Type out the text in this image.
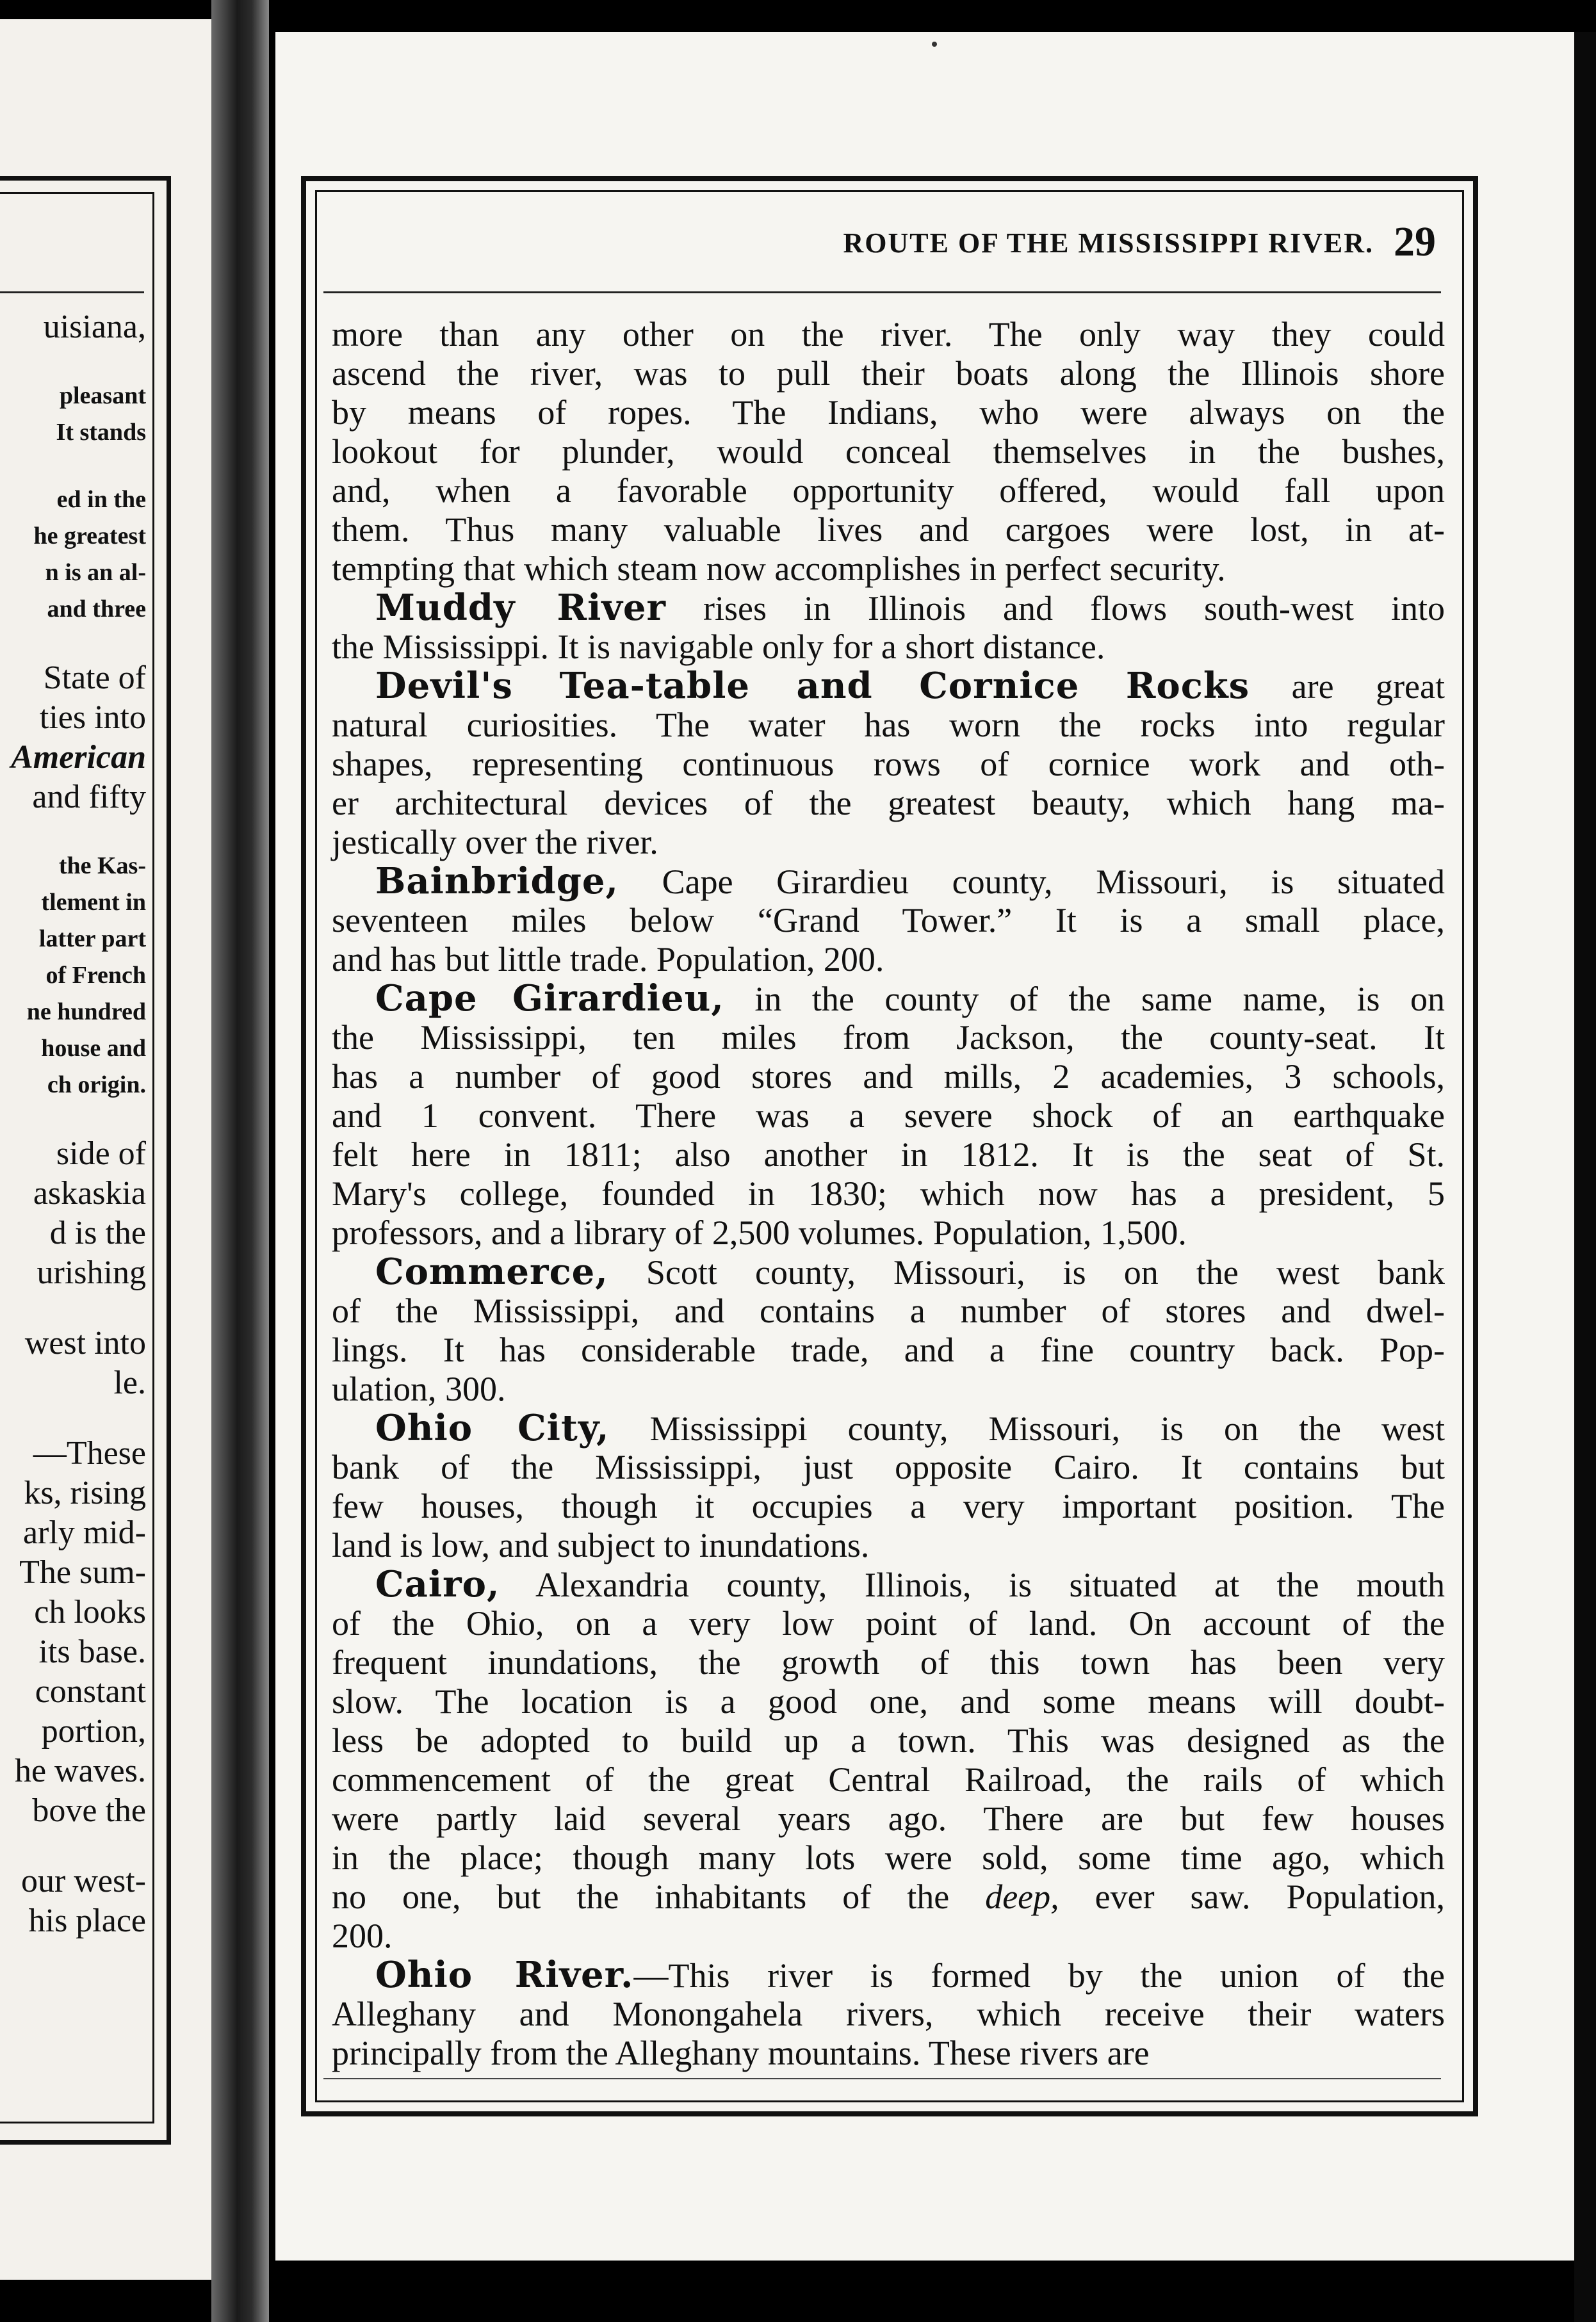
uisiana,
pleasant
It stands
ed in the
he greatest
n is an al-
and three
State of
ties into
American
and fifty
the Kas-
tlement in
latter part
of French
ne hundred
house and
ch origin.
side of
askaskia
d is the
urishing
west into
le.
—These
ks, rising
arly mid-
The sum-
ch looks
its base.
constant
portion,
he waves.
bove the
our west-
his place
ROUTE OF THE MISSISSIPPI RIVER. 29
more than any other on the river. The only way they could
ascend the river, was to pull their boats along the Illinois shore
by means of ropes. The Indians, who were always on the
lookout for plunder, would conceal themselves in the bushes,
and, when a favorable opportunity offered, would fall upon
them. Thus many valuable lives and cargoes were lost, in at-
tempting that which steam now accomplishes in perfect security.
Muddy River rises in Illinois and flows south-west into
the Mississippi. It is navigable only for a short distance.
Devil's Tea-table and Cornice Rocks are great
natural curiosities. The water has worn the rocks into regular
shapes, representing continuous rows of cornice work and oth-
er architectural devices of the greatest beauty, which hang ma-
jestically over the river.
Bainbridge, Cape Girardieu county, Missouri, is situated
seventeen miles below “Grand Tower.” It is a small place,
and has but little trade. Population, 200.
Cape Girardieu, in the county of the same name, is on
the Mississippi, ten miles from Jackson, the county-seat. It
has a number of good stores and mills, 2 academies, 3 schools,
and 1 convent. There was a severe shock of an earthquake
felt here in 1811; also another in 1812. It is the seat of St.
Mary's college, founded in 1830; which now has a president, 5
professors, and a library of 2,500 volumes. Population, 1,500.
Commerce, Scott county, Missouri, is on the west bank
of the Mississippi, and contains a number of stores and dwel-
lings. It has considerable trade, and a fine country back. Pop-
ulation, 300.
Ohio City, Mississippi county, Missouri, is on the west
bank of the Mississippi, just opposite Cairo. It contains but
few houses, though it occupies a very important position. The
land is low, and subject to inundations.
Cairo, Alexandria county, Illinois, is situated at the mouth
of the Ohio, on a very low point of land. On account of the
frequent inundations, the growth of this town has been very
slow. The location is a good one, and some means will doubt-
less be adopted to build up a town. This was designed as the
commencement of the great Central Railroad, the rails of which
were partly laid several years ago. There are but few houses
in the place; though many lots were sold, some time ago, which
no one, but the inhabitants of the deep, ever saw. Population,
200.
Ohio River.—This river is formed by the union of the
Alleghany and Monongahela rivers, which receive their waters
principally from the Alleghany mountains. These rivers are
